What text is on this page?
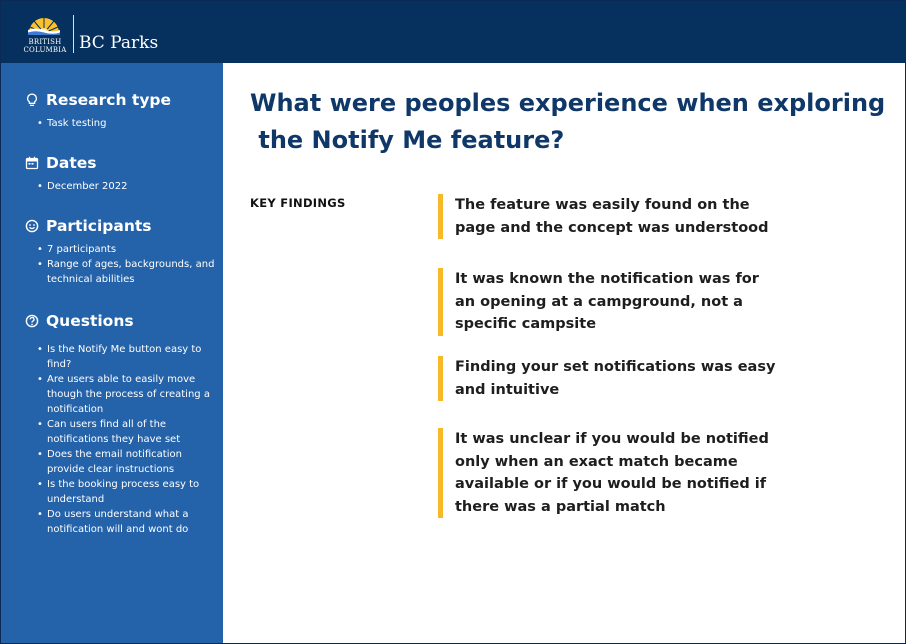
BRITISH
COLUMBIA BC Parks
Research type
• Task testing
Dates
• December 2022
Participants
• 7 participants
• Range of ages, backgrounds, and technical abilities
Questions
• Is the Notify Me button easy to find?
• Are users able to easily move though the process of creating a notification
• Can users find all of the notifications they have set
• Does the email notification provide clear instructions
• Is the booking process easy to understand
• Do users understand what a notification will and wont do
What were peoples experience when exploring
the Notify Me feature?
KEY FINDINGS	The feature was easily found on the
page and the concept was understood
It was known the notification was for
an opening at a campground, not a
specific campsite
Finding your set notifications was easy
and intuitive
It was unclear if you would be notified
only when an exact match became
available or if you would be notified if
there was a partial match
